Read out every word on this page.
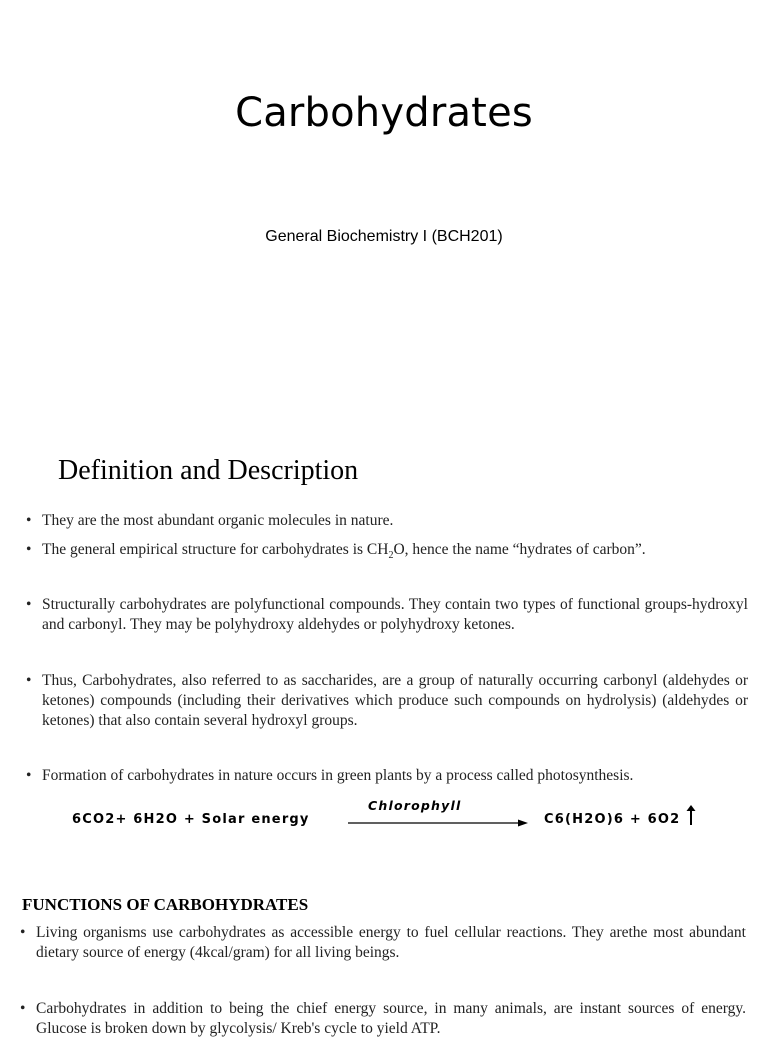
Carbohydrates

General Biochemistry I (BCH201)

Definition and Description
• They are the most abundant organic molecules in nature.
• The general empirical structure for carbohydrates is $CH_2O$, hence the name “hydrates of carbon”.
• Structurally carbohydrates are polyfunctional compounds. They contain two types of functional groups-hydroxyl and carbonyl. They may be polyhydroxy aldehydes or polyhydroxy ketones.
• Thus, Carbohydrates, also referred to as saccharides, are a group of naturally occurring carbonyl (aldehydes or ketones) compounds (including their derivatives which produce such compounds on hydrolysis) (aldehydes or ketones) that also contain several hydroxyl groups.
• Formation of carbohydrates in nature occurs in green plants by a process called photosynthesis.
6CO2+ 6H2O + Solar energy
Chlorophyll
C6(H2O)6 + 6O2
FUNCTIONS OF CARBOHYDRATES
• Living organisms use carbohydrates as accessible energy to fuel cellular reactions. They arethe most abundant dietary source of energy (4kcal/gram) for all living beings.
• Carbohydrates in addition to being the chief energy source, in many animals, are instant sources of energy. Glucose is broken down by glycolysis/ Kreb's cycle to yield ATP.
